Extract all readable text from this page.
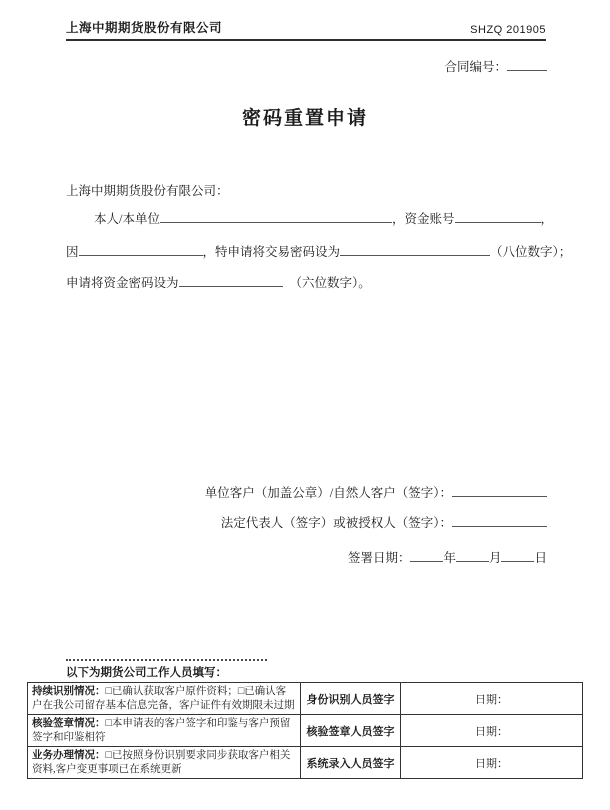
上海中期期货股份有限公司	SHZQ 201905
合同编号：
密码重置申请
上海中期期货股份有限公司：
本人/本单位	，资金账号	，
因	，特申请将交易密码设为	（八位数字）；
申请将资金密码设为	（六位数字）。
单位客户（加盖公章）/自然人客户（签字）：
法定代表人（签字）或被授权人（签字）：
签署日期：	年	月	日
以下为期货公司工作人员填写：
持续识别情况：□已确认获取客户原件资料；□已确认客户在我公司留存基本信息完备，客户证件有效期限未过期	身份识别人员签字	日期：
核验签章情况：□本申请表的客户签字和印鉴与客户预留签字和印鉴相符	核验签章人员签字	日期：
业务办理情况：□已按照身份识别要求同步获取客户相关资料,客户变更事项已在系统更新	系统录入人员签字	日期：
